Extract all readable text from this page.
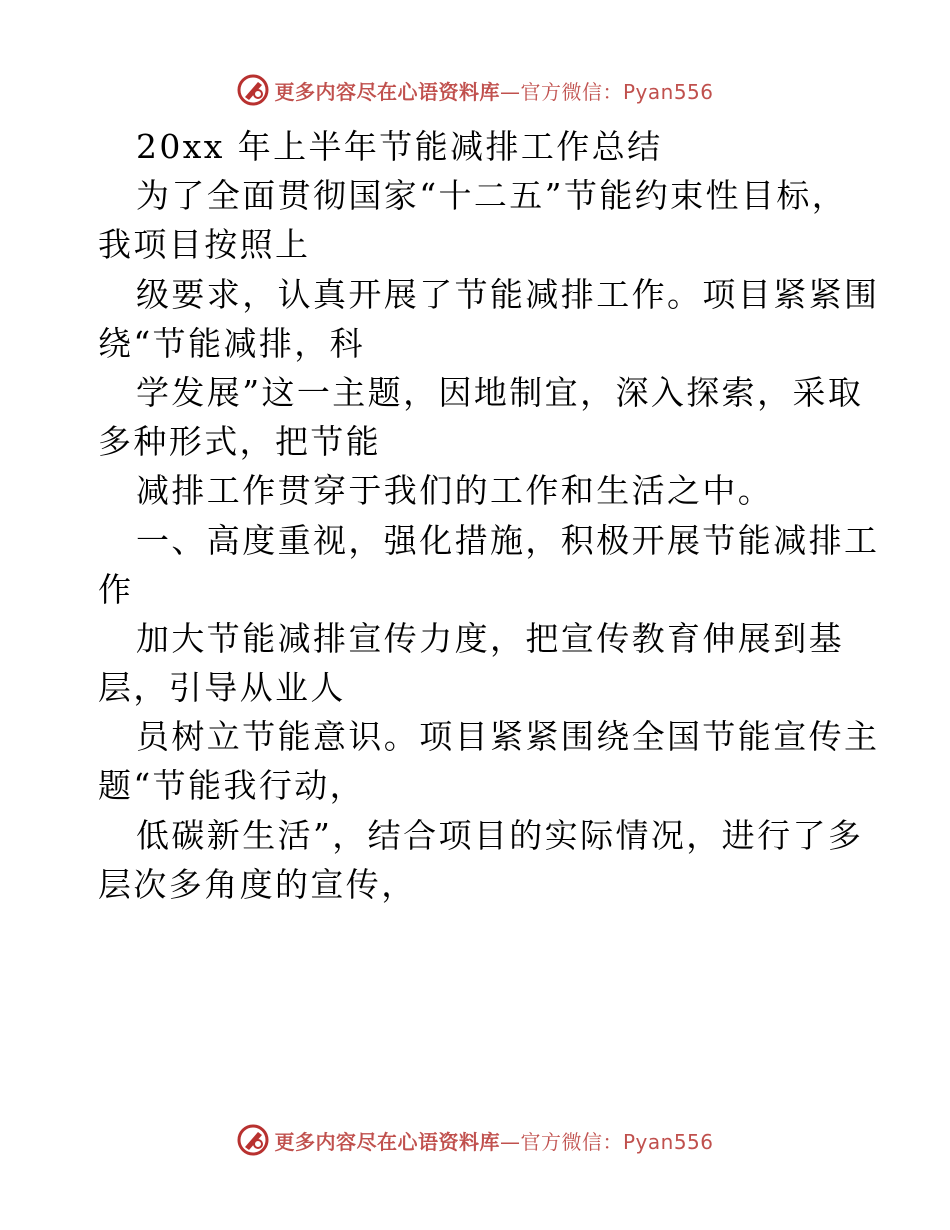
更多内容尽在心语资料库—官方微信：Pyan556
20xx 年上半年节能减排工作总结
为了全面贯彻国家“十二五”节能约束性目标，
我项目按照上
级要求，认真开展了节能减排工作。项目紧紧围
绕“节能减排，科
学发展”这一主题，因地制宜，深入探索，采取
多种形式，把节能
减排工作贯穿于我们的工作和生活之中。
一、高度重视，强化措施，积极开展节能减排工
作
加大节能减排宣传力度，把宣传教育伸展到基
层，引导从业人
员树立节能意识。项目紧紧围绕全国节能宣传主
题“节能我行动，
低碳新生活”，结合项目的实际情况，进行了多
层次多角度的宣传，
更多内容尽在心语资料库—官方微信：Pyan556
